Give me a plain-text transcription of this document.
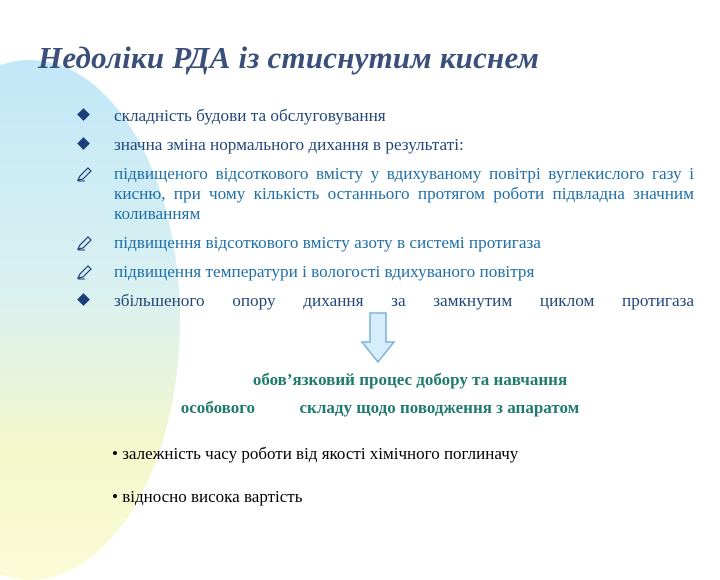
Недоліки РДА із стиснутим киснем
складність будови та обслуговування
значна зміна нормального дихання в результаті:
підвищеного відсоткового вмісту у вдихуваному повітрі вуглекислого газу і кисню, при чому кількість останнього протягом роботи підвладна значним коливанням
підвищення відсоткового вмісту азоту в системі протигаза
підвищення температури і вологості вдихуваного повітря
збільшеного опору дихання за замкнутим циклом протигаза
обов’язковий процес добору та навчання
особового	складу щодо поводження з апаратом
• залежність часу роботи від якості хімічного поглиначу
• відносно висока вартість
